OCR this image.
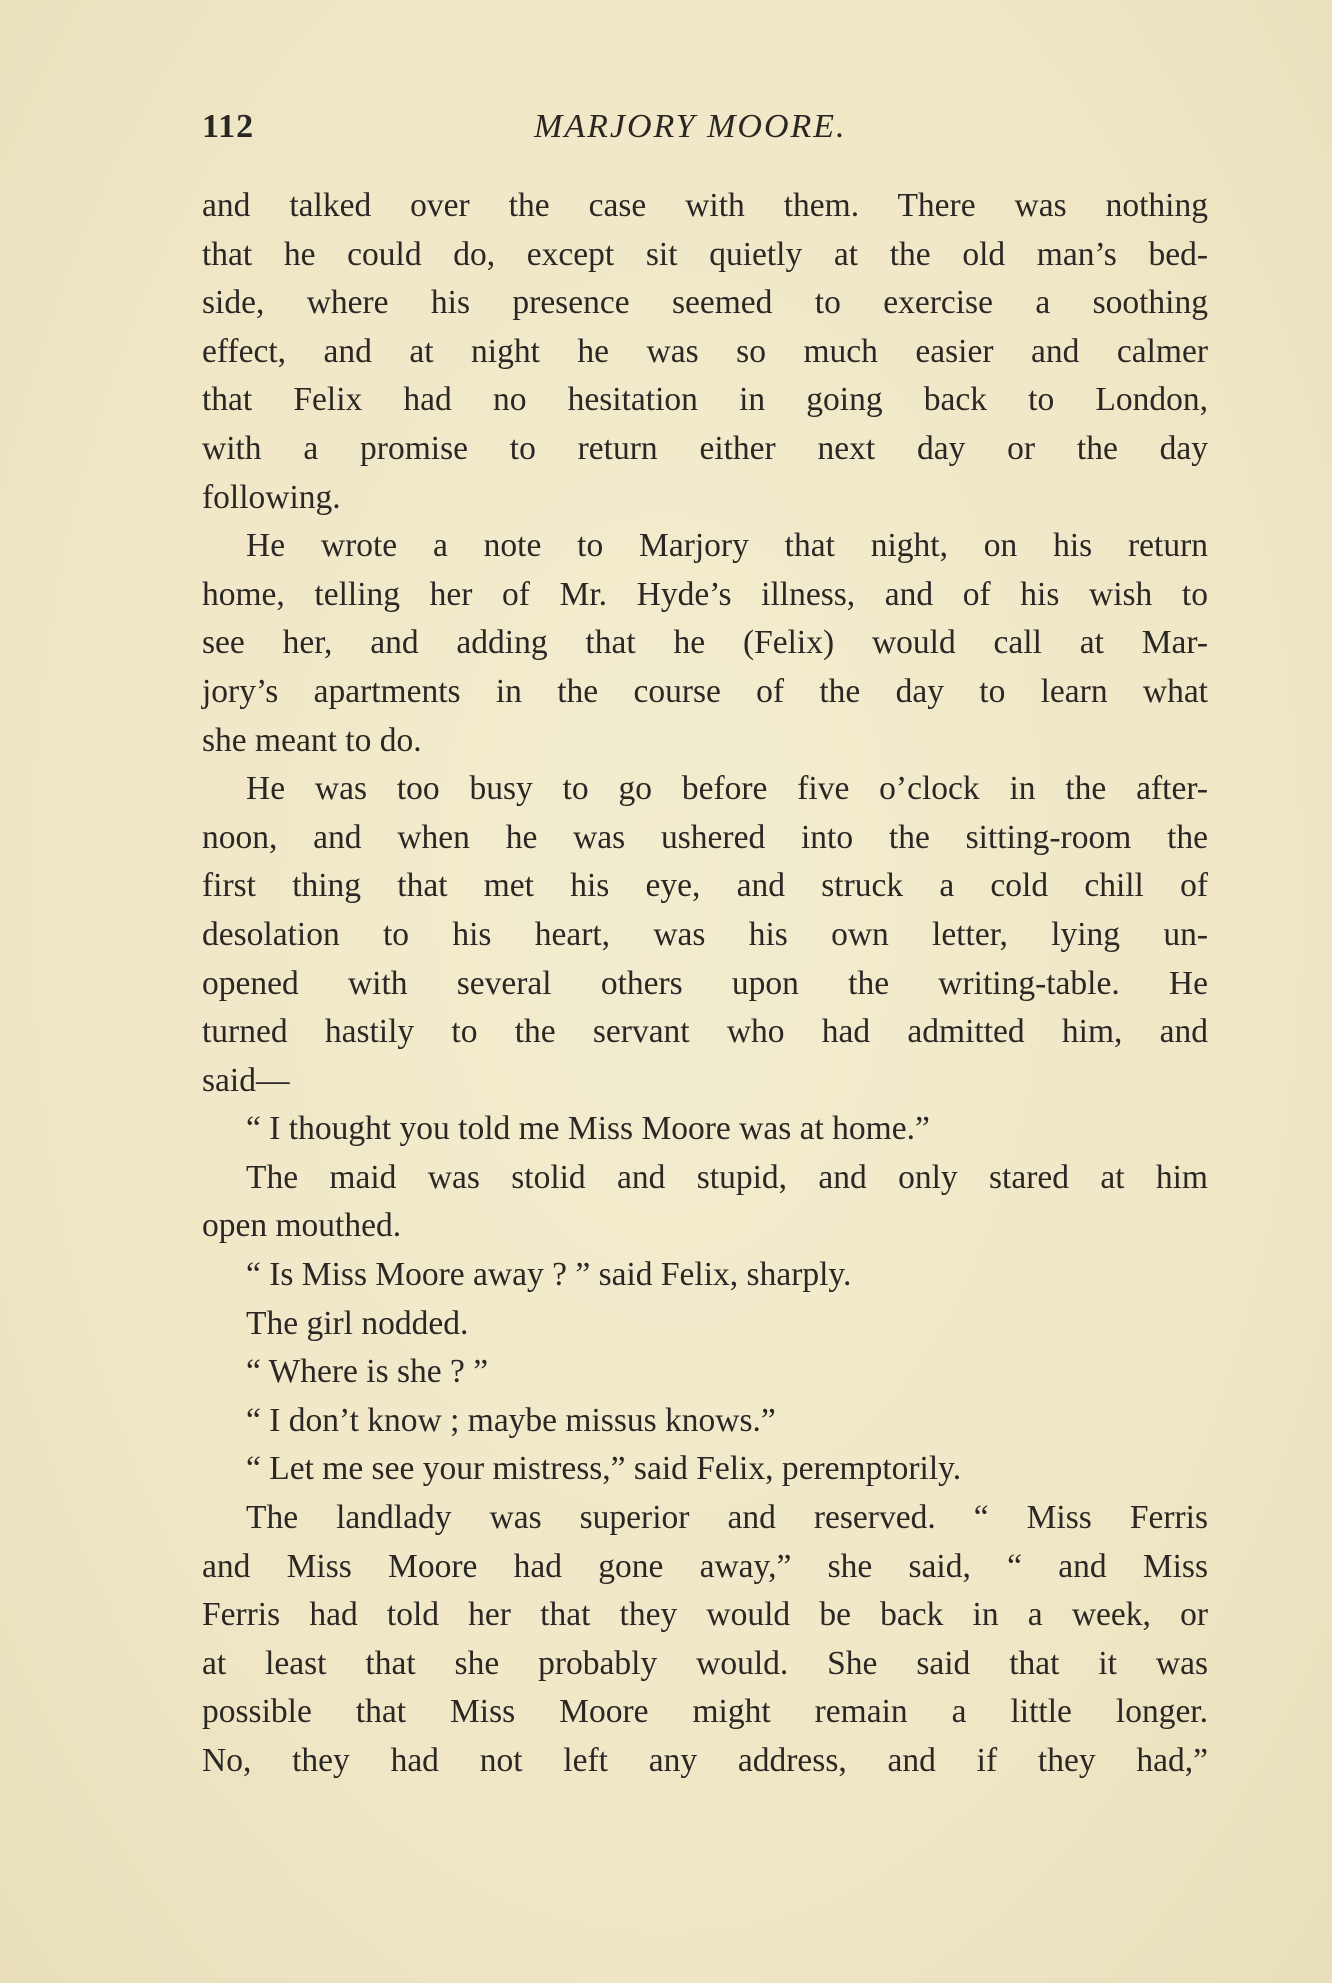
112	MARJORY MOORE.
and talked over the case with them. There was nothing
that he could do, except sit quietly at the old man’s bed-
side, where his presence seemed to exercise a soothing
effect, and at night he was so much easier and calmer
that Felix had no hesitation in going back to London,
with a promise to return either next day or the day
following.
He wrote a note to Marjory that night, on his return
home, telling her of Mr. Hyde’s illness, and of his wish to
see her, and adding that he (Felix) would call at Mar-
jory’s apartments in the course of the day to learn what
she meant to do.
He was too busy to go before five o’clock in the after-
noon, and when he was ushered into the sitting-room the
first thing that met his eye, and struck a cold chill of
desolation to his heart, was his own letter, lying un-
opened with several others upon the writing-table. He
turned hastily to the servant who had admitted him, and
said—
“ I thought you told me Miss Moore was at home.”
The maid was stolid and stupid, and only stared at him
open mouthed.
“ Is Miss Moore away ? ” said Felix, sharply.
The girl nodded.
“ Where is she ? ”
“ I don’t know ; maybe missus knows.”
“ Let me see your mistress,” said Felix, peremptorily.
The landlady was superior and reserved. “ Miss Ferris
and Miss Moore had gone away,” she said, “ and Miss
Ferris had told her that they would be back in a week, or
at least that she probably would. She said that it was
possible that Miss Moore might remain a little longer.
No, they had not left any address, and if they had,”
